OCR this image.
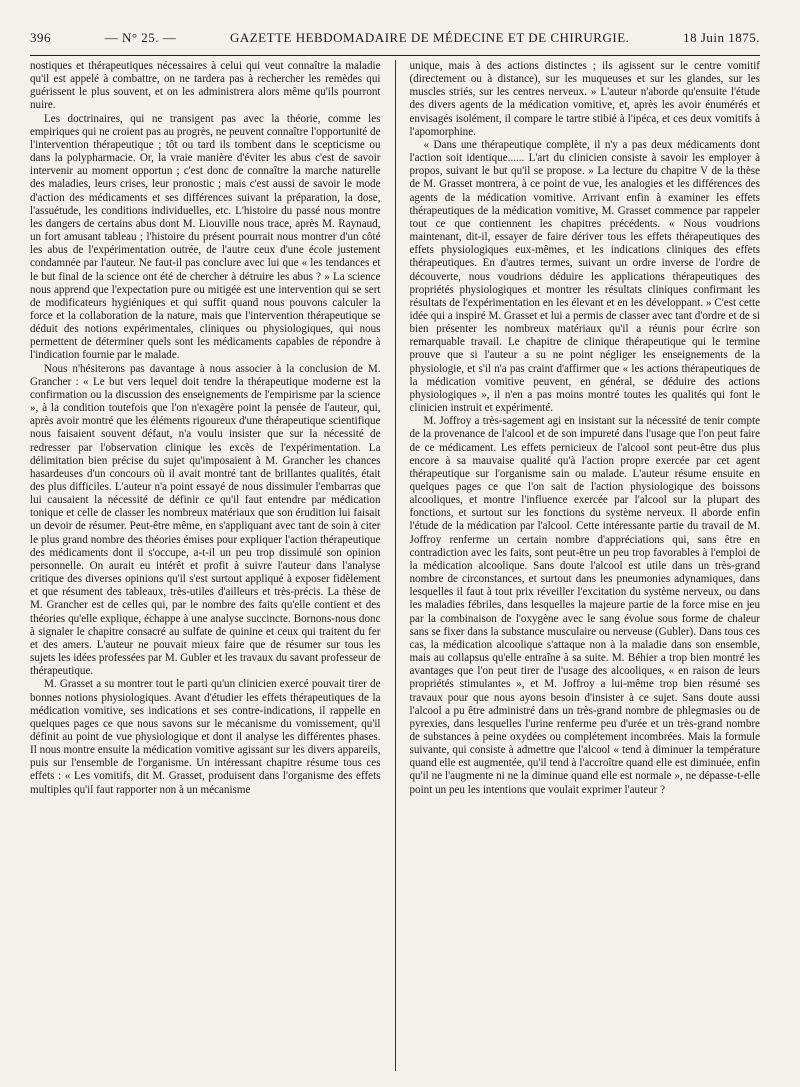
396	— N° 25. —	GAZETTE HEBDOMADAIRE DE MÉDECINE ET DE CHIRURGIE.	18 Juin 1875.

nostiques et thérapeutiques nécessaires à celui qui veut connaître la maladie qu'il est appelé à combattre, on ne tardera pas à rechercher les remèdes qui guérissent le plus souvent, et on les administrera alors même qu'ils pourront nuire.

Les doctrinaires, qui ne transigent pas avec la théorie, comme les empiriques qui ne croient pas au progrès, ne peuvent connaître l'opportunité de l'intervention thérapeutique ; tôt ou tard ils tombent dans le scepticisme ou dans la polypharmacie. Or, la vraie manière d'éviter les abus c'est de savoir intervenir au moment opportun ; c'est donc de connaître la marche naturelle des maladies, leurs crises, leur pronostic ; mais c'est aussi de savoir le mode d'action des médicaments et ses différences suivant la préparation, la dose, l'assuétude, les conditions individuelles, etc. L'histoire du passé nous montre les dangers de certains abus dont M. Liouville nous trace, après M. Raynaud, un fort amusant tableau ; l'histoire du présent pourrait nous montrer d'un côté les abus de l'expérimentation outrée, de l'autre ceux d'une école justement condamnée par l'auteur. Ne faut-il pas conclure avec lui que « les tendances et le but final de la science ont été de chercher à détruire les abus ? » La science nous apprend que l'expectation pure ou mitigée est une intervention qui se sert de modificateurs hygiéniques et qui suffit quand nous pouvons calculer la force et la collaboration de la nature, mais que l'intervention thérapeutique se déduit des notions expérimentales, cliniques ou physiologiques, qui nous permettent de déterminer quels sont les médicaments capables de répondre à l'indication fournie par le malade.

Nous n'hésiterons pas davantage à nous associer à la conclusion de M. Grancher : « Le but vers lequel doit tendre la thérapeutique moderne est la confirmation ou la discussion des enseignements de l'empirisme par la science », à la condition toutefois que l'on n'exagère point la pensée de l'auteur, qui, après avoir montré que les éléments rigoureux d'une thérapeutique scientifique nous faisaient souvent défaut, n'a voulu insister que sur la nécessité de redresser par l'observation clinique les excès de l'expérimentation. La délimitation bien précise du sujet qu'imposaient à M. Grancher les chances hasardeuses d'un concours où il avait montré tant de brillantes qualités, était des plus difficiles. L'auteur n'a point essayé de nous dissimuler l'embarras que lui causaient la nécessité de définir ce qu'il faut entendre par médication tonique et celle de classer les nombreux matériaux que son érudition lui faisait un devoir de résumer. Peut-être même, en s'appliquant avec tant de soin à citer le plus grand nombre des théories émises pour expliquer l'action thérapeutique des médicaments dont il s'occupe, a-t-il un peu trop dissimulé son opinion personnelle. On aurait eu intérêt et profit à suivre l'auteur dans l'analyse critique des diverses opinions qu'il s'est surtout appliqué à exposer fidèlement et que résument des tableaux, très-utiles d'ailleurs et très-précis. La thèse de M. Grancher est de celles qui, par le nombre des faits qu'elle contient et des théories qu'elle explique, échappe à une analyse succincte. Bornons-nous donc à signaler le chapitre consacré au sulfate de quinine et ceux qui traitent du fer et des amers. L'auteur ne pouvait mieux faire que de résumer sur tous les sujets les idées professées par M. Gubler et les travaux du savant professeur de thérapeutique.

M. Grasset a su montrer tout le parti qu'un clinicien exercé pouvait tirer de bonnes notions physiologiques. Avant d'étudier les effets thérapeutiques de la médication vomitive, ses indications et ses contre-indications, il rappelle en quelques pages ce que nous savons sur le mécanisme du vomissement, qu'il définit au point de vue physiologique et dont il analyse les différentes phases. Il nous montre ensuite la médication vomitive agissant sur les divers appareils, puis sur l'ensemble de l'organisme. Un intéressant chapitre résume tous ces effets : « Les vomitifs, dit M. Grasset, produisent dans l'organisme des effets multiples qu'il faut rapporter non à un mécanisme

unique, mais à des actions distinctes ; ils agissent sur le centre vomitif (directement ou à distance), sur les muqueuses et sur les glandes, sur les muscles striés, sur les centres nerveux. » L'auteur n'aborde qu'ensuite l'étude des divers agents de la médication vomitive, et, après les avoir énumérés et envisagés isolément, il compare le tartre stibié à l'ipéca, et ces deux vomitifs à l'apomorphine.

« Dans une thérapeutique complète, il n'y a pas deux médicaments dont l'action soit identique...... L'art du clinicien consiste à savoir les employer à propos, suivant le but qu'il se propose. » La lecture du chapitre V de la thèse de M. Grasset montrera, à ce point de vue, les analogies et les différences des agents de la médication vomitive. Arrivant enfin à examiner les effets thérapeutiques de la médication vomitive, M. Grasset commence par rappeler tout ce que contiennent les chapitres précédents. « Nous voudrions maintenant, dit-il, essayer de faire dériver tous les effets thérapeutiques des effets physiologiques eux-mêmes, et les indications cliniques des effets thérapeutiques. En d'autres termes, suivant un ordre inverse de l'ordre de découverte, nous voudrions déduire les applications thérapeutiques des propriétés physiologiques et montrer les résultats cliniques confirmant les résultats de l'expérimentation en les élevant et en les développant. » C'est cette idée qui a inspiré M. Grasset et lui a permis de classer avec tant d'ordre et de si bien présenter les nombreux matériaux qu'il a réunis pour écrire son remarquable travail. Le chapitre de clinique thérapeutique qui le termine prouve que si l'auteur a su ne point négliger les enseignements de la physiologie, et s'il n'a pas craint d'affirmer que « les actions thérapeutiques de la médication vomitive peuvent, en général, se déduire des actions physiologiques », il n'en a pas moins montré toutes les qualités qui font le clinicien instruit et expérimenté.

M. Joffroy a très-sagement agi en insistant sur la nécessité de tenir compte de la provenance de l'alcool et de son impureté dans l'usage que l'on peut faire de ce médicament. Les effets pernicieux de l'alcool sont peut-être dus plus encore à sa mauvaise qualité qu'à l'action propre exercée par cet agent thérapeutique sur l'organisme sain ou malade. L'auteur résume ensuite en quelques pages ce que l'on sait de l'action physiologique des boissons alcooliques, et montre l'influence exercée par l'alcool sur la plupart des fonctions, et surtout sur les fonctions du système nerveux. Il aborde enfin l'étude de la médication par l'alcool. Cette intéressante partie du travail de M. Joffroy renferme un certain nombre d'appréciations qui, sans être en contradiction avec les faits, sont peut-être un peu trop favorables à l'emploi de la médication alcoolique. Sans doute l'alcool est utile dans un très-grand nombre de circonstances, et surtout dans les pneumonies adynamiques, dans lesquelles il faut à tout prix réveiller l'excitation du système nerveux, ou dans les maladies fébriles, dans lesquelles la majeure partie de la force mise en jeu par la combinaison de l'oxygène avec le sang évolue sous forme de chaleur sans se fixer dans la substance musculaire ou nerveuse (Gubler). Dans tous ces cas, la médication alcoolique s'attaque non à la maladie dans son ensemble, mais au collapsus qu'elle entraîne à sa suite. M. Béhier a trop bien montré les avantages que l'on peut tirer de l'usage des alcooliques, « en raison de leurs propriétés stimulantes », et M. Joffroy a lui-même trop bien résumé ses travaux pour que nous ayons besoin d'insister à ce sujet. Sans doute aussi l'alcool a pu être administré dans un très-grand nombre de phlegmasies ou de pyrexies, dans lesquelles l'urine renferme peu d'urée et un très-grand nombre de substances à peine oxydées ou complétement incombrées. Mais la formule suivante, qui consiste à admettre que l'alcool « tend à diminuer la température quand elle est augmentée, qu'il tend à l'accroître quand elle est diminuée, enfin qu'il ne l'augmente ni ne la diminue quand elle est normale », ne dépasse-t-elle point un peu les intentions que voulait exprimer l'auteur ?
